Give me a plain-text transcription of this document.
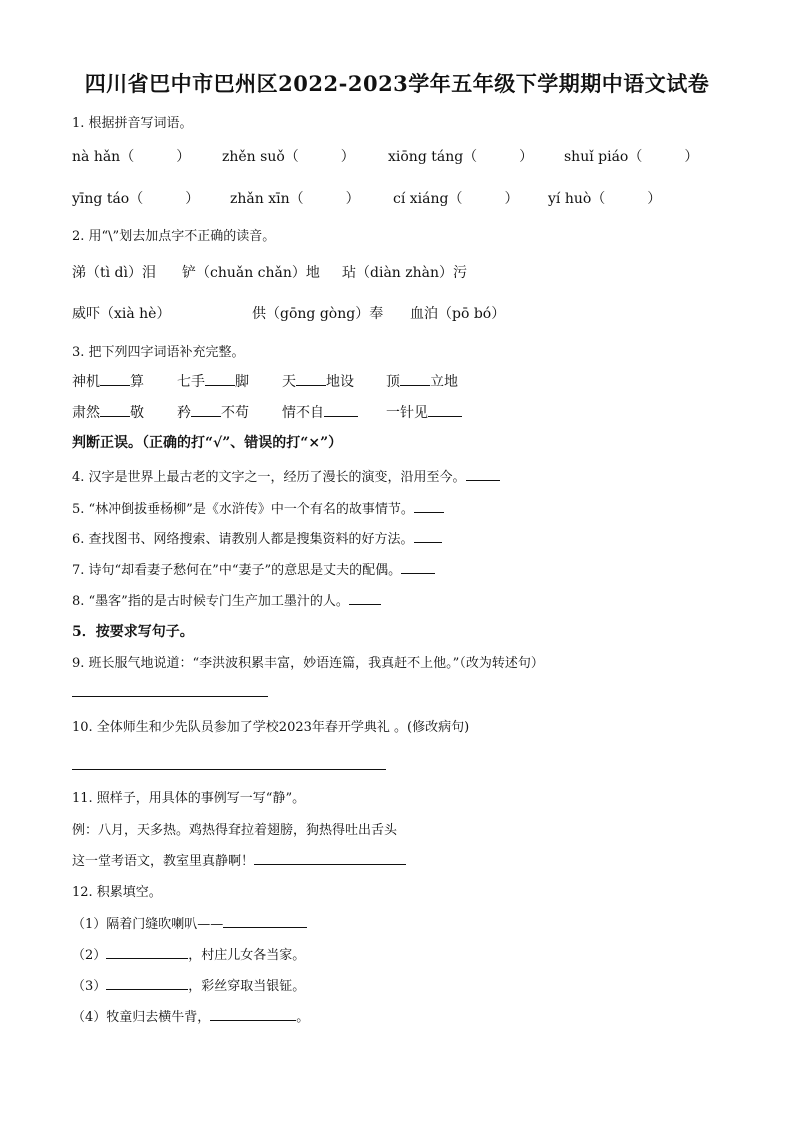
四川省巴中市巴州区2022-2023学年五年级下学期期中语文试卷
1. 根据拼音写词语。
nà hǎn（　　　） zhěn suǒ（　　　） xiōng táng（　　　） shuǐ piáo（　　　）
yīng táo（　　　） zhǎn xīn（　　　） cí xiáng（　　　） yí huò（　　　）
2. 用“\”划去加点字不正确的读音。
涕（tì dì）泪 铲（chuǎn chǎn）地 玷（diàn zhàn）污
威吓（xià hè）	供（gōng gòng）奉 血泊（pō bó）
3. 把下列四字词语补充完整。
神机 算 七手 脚 天 地设 顶 立地
肃然 敬 矜 不苟 情不自	一针见
判断正误。（正确的打“√”、错误的打“×”）
4. 汉字是世界上最古老的文字之一，经历了漫长的演变，沿用至今。
5. “林冲倒拔垂杨柳”是《水浒传》中一个有名的故事情节。
6. 查找图书、网络搜索、请教别人都是搜集资料的好方法。
7. 诗句“却看妻子愁何在”中“妻子”的意思是丈夫的配偶。
8. “墨客”指的是古时候专门生产加工墨汁的人。
5．按要求写句子。
9. 班长服气地说道：“李洪波积累丰富，妙语连篇，我真赶不上他。”（改为转述句）
10. 全体师生和少先队员参加了学校2023年春开学典礼 。(修改病句)
11. 照样子，用具体的事例写一写“静”。
例：八月，天多热。鸡热得耷拉着翅膀，狗热得吐出舌头
这一堂考语文，教室里真静啊！
12. 积累填空。
（1）隔着门缝吹喇叭——
（2）	，村庄儿女各当家。
（3）	，彩丝穿取当银钲。
（4）牧童归去横牛背，	。
